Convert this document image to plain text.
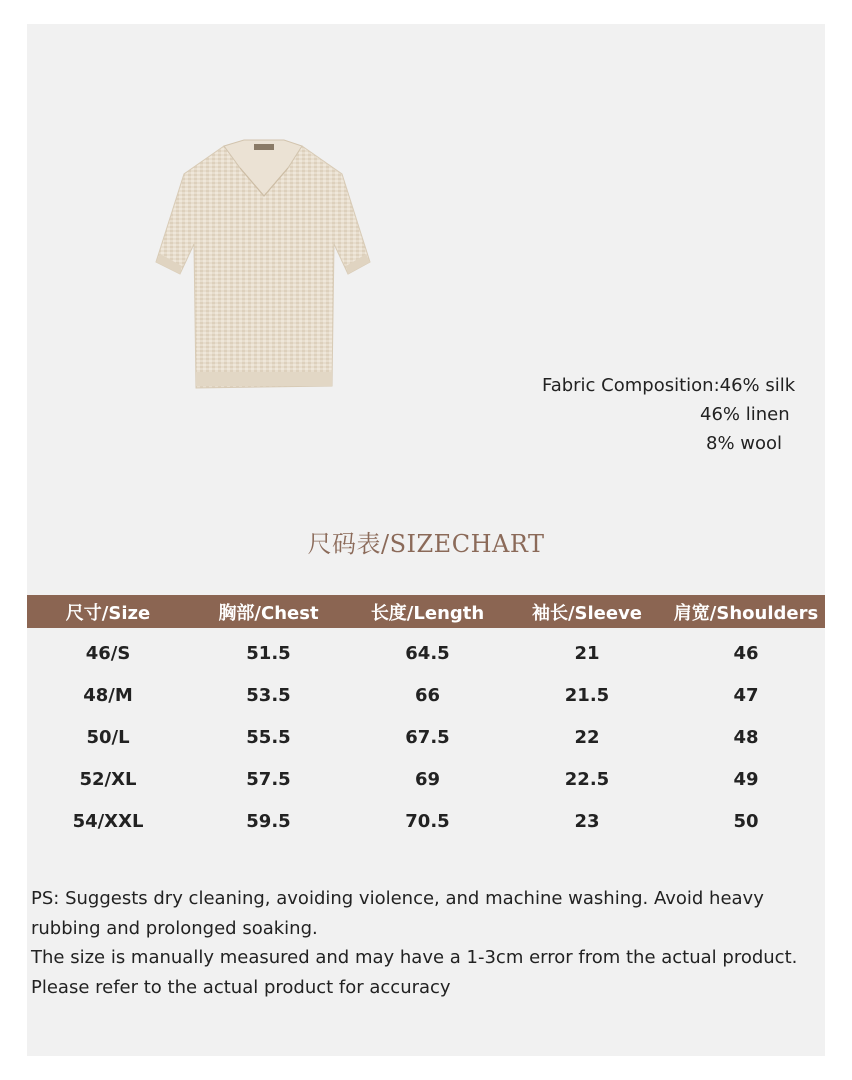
Fabric Composition:46% silk
46% linen
8% wool
尺码表/SIZECHART
尺寸/Size	胸部/Chest	长度/Length	袖长/Sleeve	肩宽/Shoulders
46/S	51.5	64.5	21	46
48/M	53.5	66	21.5	47
50/L	55.5	67.5	22	48
52/XL	57.5	69	22.5	49
54/XXL	59.5	70.5	23	50
PS: Suggests dry cleaning, avoiding violence, and machine washing. Avoid heavy rubbing and prolonged soaking.
The size is manually measured and may have a 1-3cm error from the actual product.
Please refer to the actual product for accuracy
